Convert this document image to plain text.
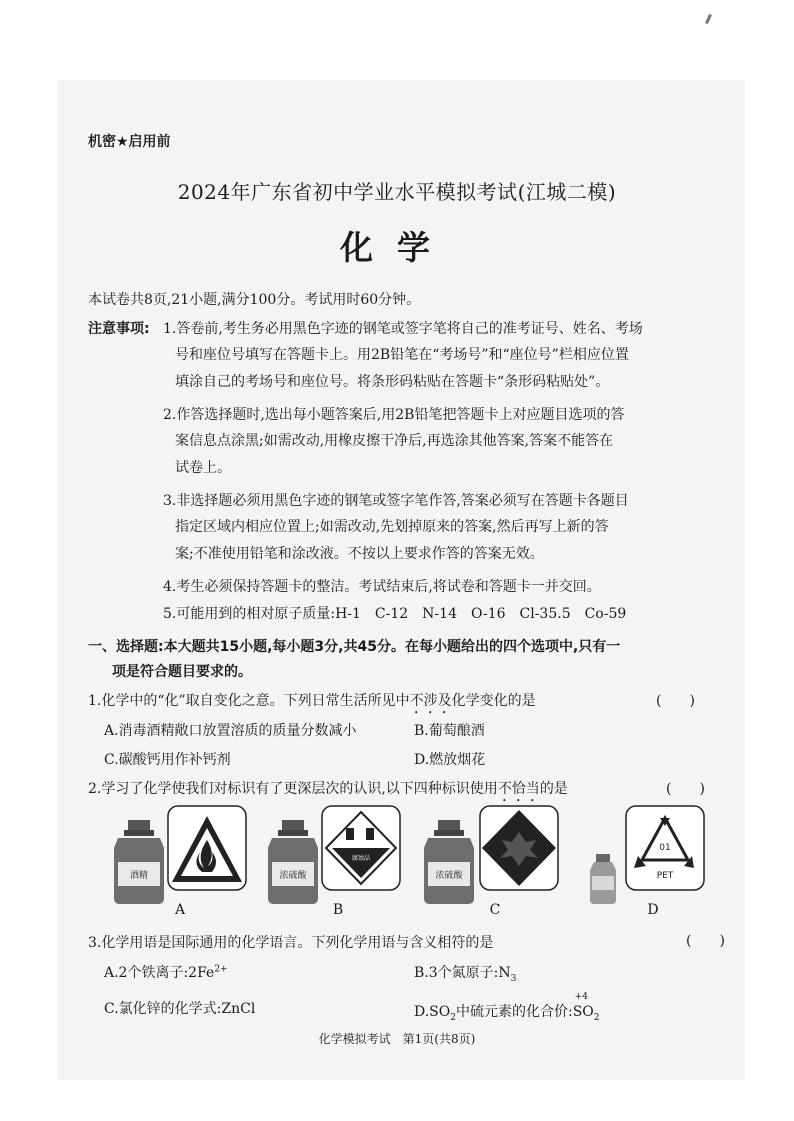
机密★启用前
2024年广东省初中学业水平模拟考试(江城二模)
化学
本试卷共8页,21小题,满分100分。考试用时60分钟。
注意事项: 1.答卷前,考生务必用黑色字迹的钢笔或签字笔将自己的准考证号、姓名、考场
号和座位号填写在答题卡上。用2B铅笔在“考场号”和“座位号”栏相应位置
填涂自己的考场号和座位号。将条形码粘贴在答题卡“条形码粘贴处”。
2.作答选择题时,选出每小题答案后,用2B铅笔把答题卡上对应题目选项的答
案信息点涂黑;如需改动,用橡皮擦干净后,再选涂其他答案,答案不能答在
试卷上。
3.非选择题必须用黑色字迹的钢笔或签字笔作答,答案必须写在答题卡各题目
指定区域内相应位置上;如需改动,先划掉原来的答案,然后再写上新的答
案;不准使用铅笔和涂改液。不按以上要求作答的答案无效。
4.考生必须保持答题卡的整洁。考试结束后,将试卷和答题卡一并交回。
5.可能用到的相对原子质量:H-1　C-12　N-14　O-16　Cl-35.5　Co-59
一、选择题:本大题共15小题,每小题3分,共45分。在每小题给出的四个选项中,只有一
项是符合题目要求的。
1.化学中的“化”取自变化之意。下列日常生活所见中不涉及化学变化的是	(　　)
A.消毒酒精敞口放置溶质的质量分数减小	B.葡萄酿酒
C.碳酸钙用作补钙剂	D.燃放烟花
2.学习了化学使我们对标识有了更深层次的认识,以下四种标识使用不恰当的是	(　　)
酒精
A
浓硫酸
腐蚀品
B
浓硫酸
C
01
PET
D
3.化学用语是国际通用的化学语言。下列化学用语与含义相符的是	(　　)
A.2个铁离子$:2Fe^{2+}$	B.3个氮原子$:N_3$
C.氯化锌的化学式:ZnCl	$D.SO_2$中硫元素的化合价:
+4
$SO_2$
化学模拟考试　第1页(共8页)
